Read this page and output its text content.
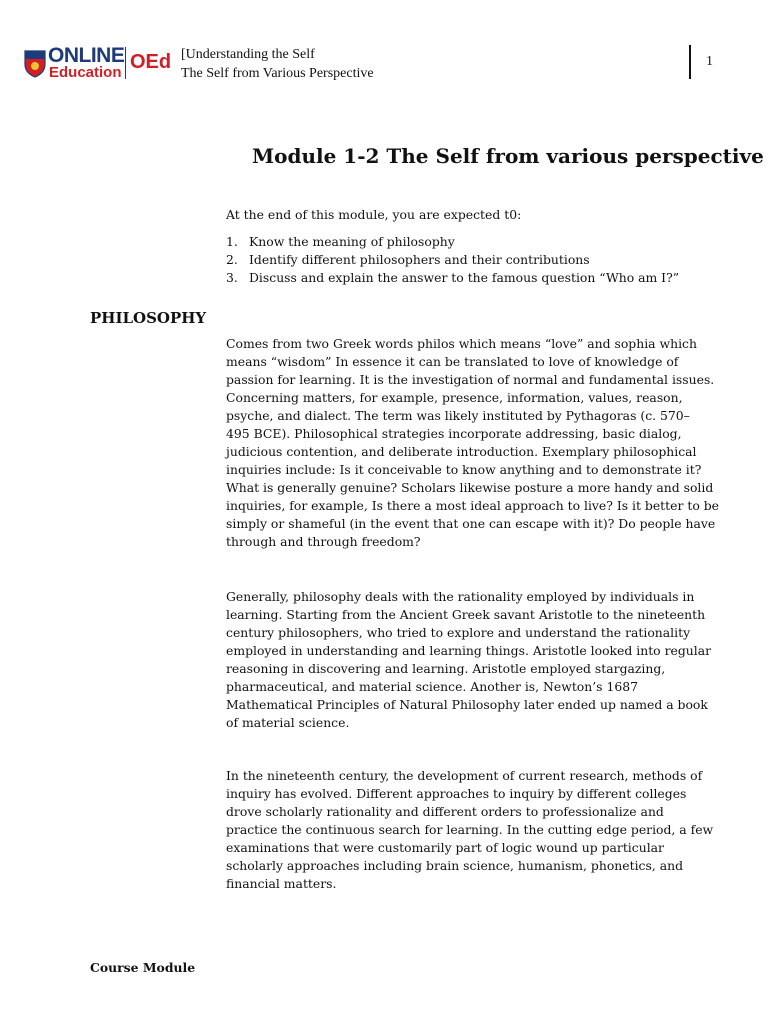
ONLINE
Education OEd [Understanding the Self
The Self from Various Perspective
1
Module 1-2 The Self from various perspective

At the end of this module, you are expected t0:

1. Know the meaning of philosophy
2. Identify different philosophers and their contributions
3. Discuss and explain the answer to the famous question “Who am I?”
PHILOSOPHY

Comes from two Greek words philos which means “love” and sophia which
means “wisdom” In essence it can be translated to love of knowledge of
passion for learning. It is the investigation of normal and fundamental issues.
Concerning matters, for example, presence, information, values, reason,
psyche, and dialect. The term was likely instituted by Pythagoras (c. 570–
495 BCE). Philosophical strategies incorporate addressing, basic dialog,
judicious contention, and deliberate introduction. Exemplary philosophical
inquiries include: Is it conceivable to know anything and to demonstrate it?
What is generally genuine? Scholars likewise posture a more handy and solid
inquiries, for example, Is there a most ideal approach to live? Is it better to be
simply or shameful (in the event that one can escape with it)? Do people have
through and through freedom?

Generally, philosophy deals with the rationality employed by individuals in
learning. Starting from the Ancient Greek savant Aristotle to the nineteenth
century philosophers, who tried to explore and understand the rationality
employed in understanding and learning things. Aristotle looked into regular
reasoning in discovering and learning. Aristotle employed stargazing,
pharmaceutical, and material science. Another is, Newton’s 1687
Mathematical Principles of Natural Philosophy later ended up named a book
of material science.

In the nineteenth century, the development of current research, methods of
inquiry has evolved. Different approaches to inquiry by different colleges
drove scholarly rationality and different orders to professionalize and
practice the continuous search for learning. In the cutting edge period, a few
examinations that were customarily part of logic wound up particular
scholarly approaches including brain science, humanism, phonetics, and
financial matters.

Course Module
